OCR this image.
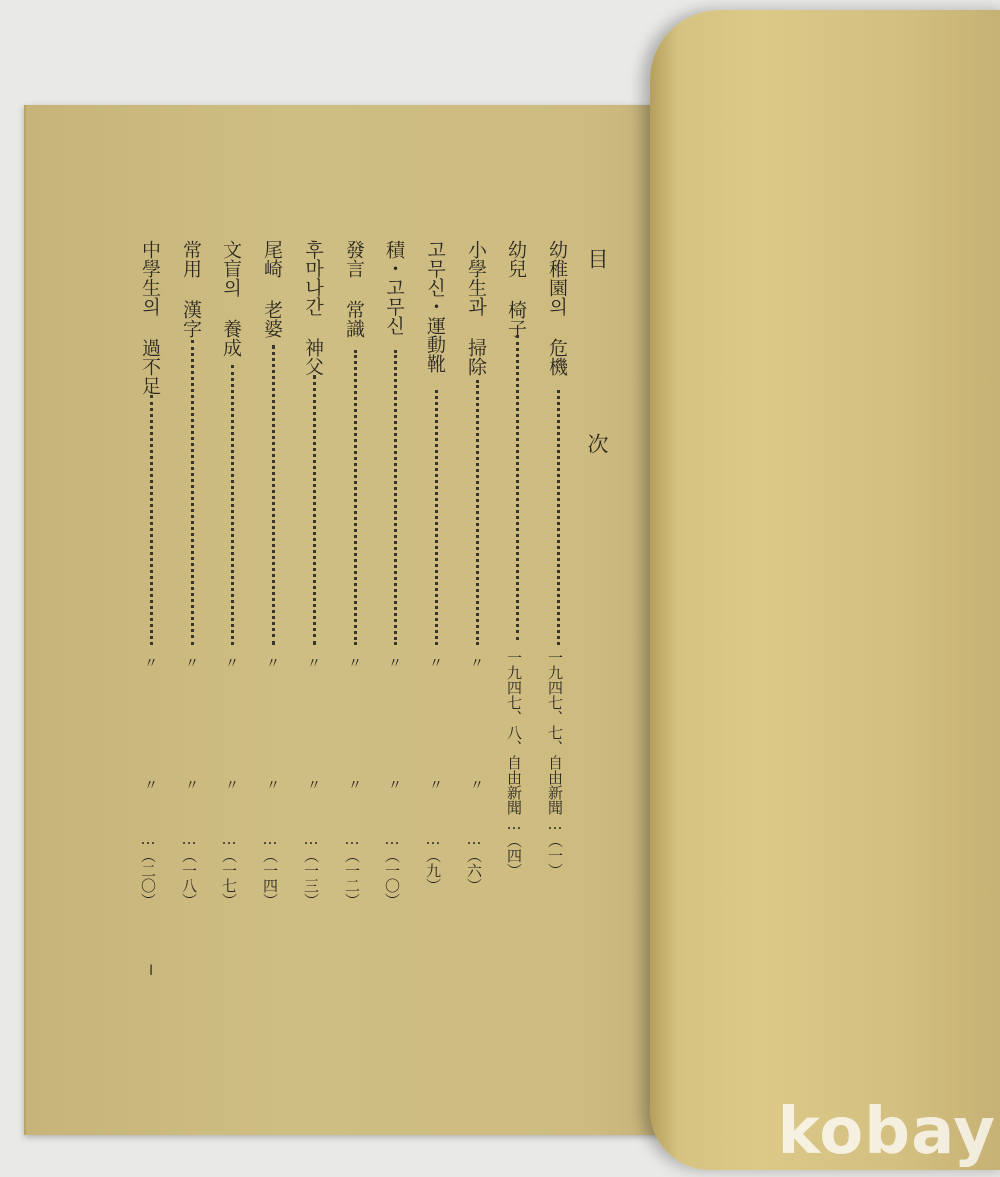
目 次
幼稚園의 危機
一九四七、七、自由新聞…（一）
幼兒 椅子
一九四七、八、自由新聞…（四）
小學生과 掃除
〃
〃
…（六）
고무신・運動靴
〃
〃
…（九）
積・고무신
〃
〃
…（一〇）
發言 常識
〃
〃
…（一二）
후마나간 神父
〃
〃
…（一三）
尾崎 老婆
〃
〃
…（一四）
文盲의 養成
〃
〃
…（一七）
常用 漢字
〃
〃
…（一八）
中學生의 過不足
〃
〃
…（二〇）
I
kobay
